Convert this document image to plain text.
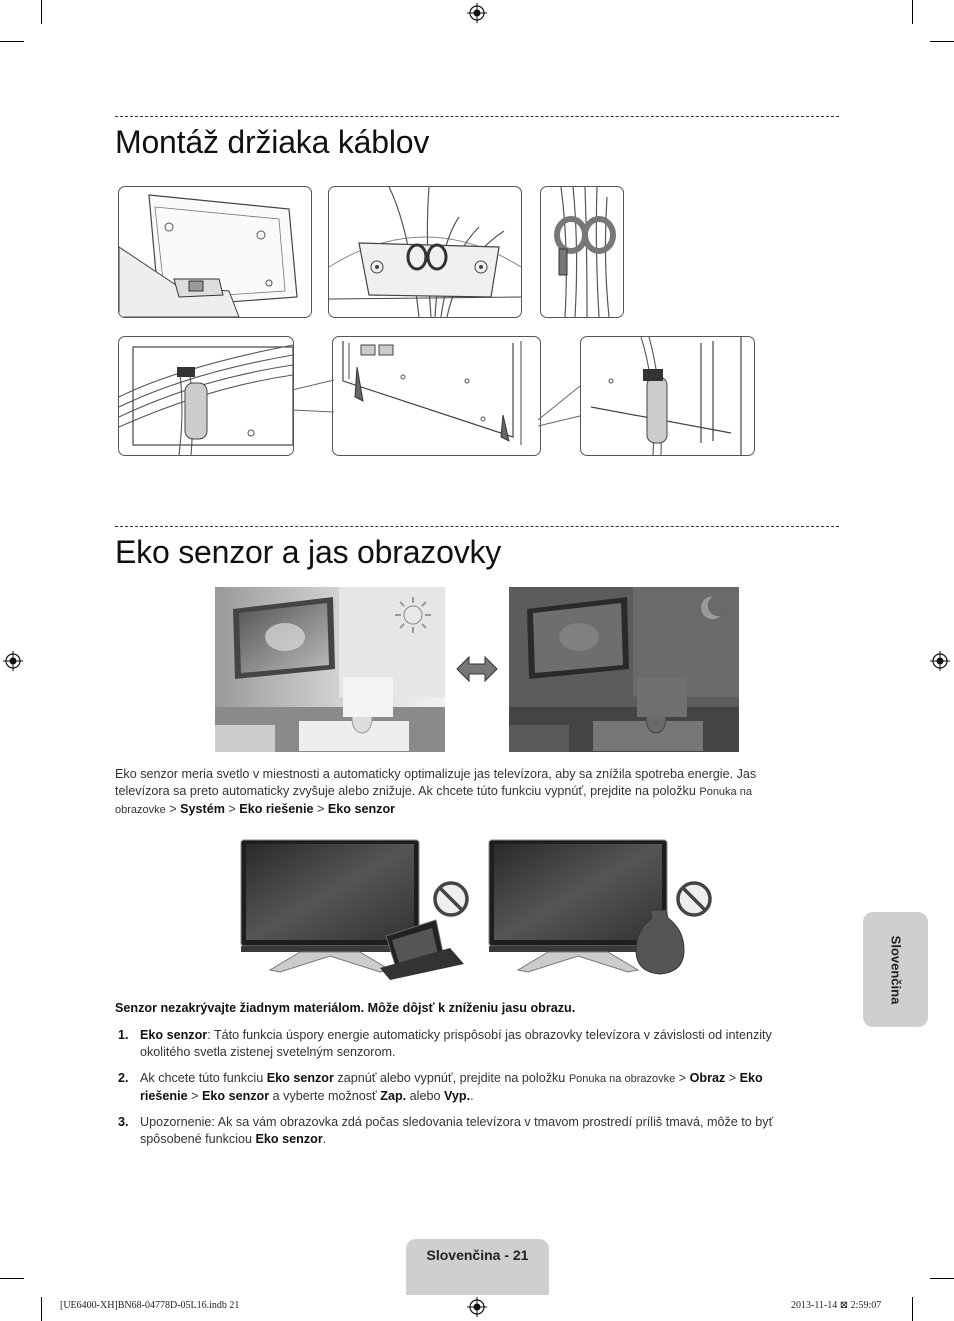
Montáž držiaka káblov
Eko senzor a jas obrazovky
Eko senzor meria svetlo v miestnosti a automaticky optimalizuje jas televízora, aby sa znížila spotreba energie. Jas
televízora sa preto automaticky zvyšuje alebo znižuje. Ak chcete túto funkciu vypnúť, prejdite na položku Ponuka na
obrazovke > Systém > Eko riešenie > Eko senzor
Senzor nezakrývajte žiadnym materiálom. Môže dôjsť k zníženiu jasu obrazu.
1. Eko senzor: Táto funkcia úspory energie automaticky prispôsobí jas obrazovky televízora v závislosti od intenzity
okolitého svetla zistenej svetelným senzorom.
2. Ak chcete túto funkciu Eko senzor zapnúť alebo vypnúť, prejdite na položku Ponuka na obrazovke > Obraz > Eko
riešenie > Eko senzor a vyberte možnosť Zap. alebo Vyp..
3. Upozornenie: Ak sa vám obrazovka zdá počas sledovania televízora v tmavom prostredí príliš tmavá, môže to byť
spôsobené funkciou Eko senzor.
Slovenčina
Slovenčina - 21
[UE6400-XH]BN68-04778D-05L16.indb 21	2013-11-14 ⊠ 2:59:07
